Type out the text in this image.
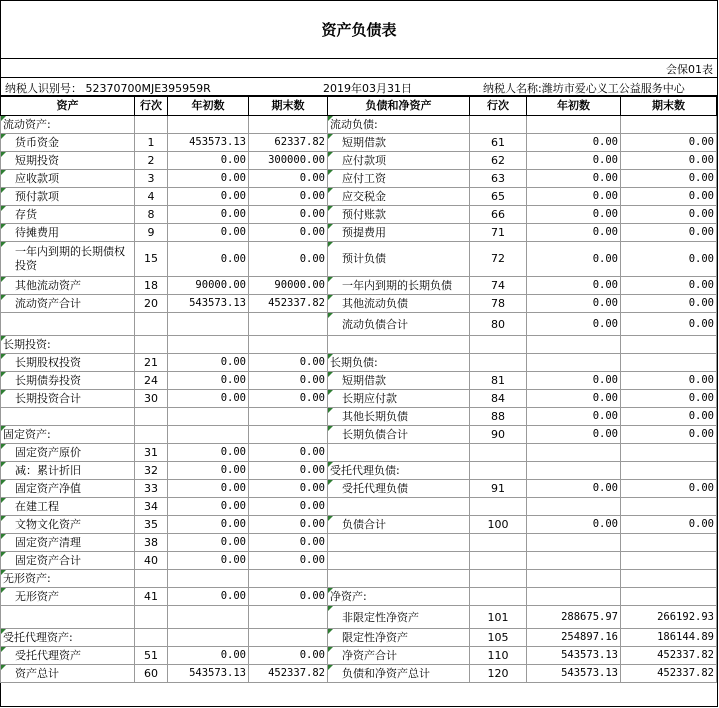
资产负债表
会保01表
纳税人识别号： 52370700MJE395959R	2019年03月31日	纳税人名称:潍坊市爱心义工公益服务中心
资产	行次	年初数	期末数	负债和净资产	行次	年初数	期末数
流动资产:				流动负债:			
货币资金	1	453573.13	62337.82	短期借款	61	0.00	0.00
短期投资	2	0.00	300000.00	应付款项	62	0.00	0.00
应收款项	3	0.00	0.00	应付工资	63	0.00	0.00
预付款项	4	0.00	0.00	应交税金	65	0.00	0.00
存货	8	0.00	0.00	预付账款	66	0.00	0.00
待摊费用	9	0.00	0.00	预提费用	71	0.00	0.00
一年内到期的长期债权投资	15	0.00	0.00	预计负债	72	0.00	0.00
其他流动资产	18	90000.00	90000.00	一年内到期的长期负债	74	0.00	0.00
流动资产合计	20	543573.13	452337.82	其他流动负债	78	0.00	0.00
				流动负债合计	80	0.00	0.00
长期投资:							
长期股权投资	21	0.00	0.00	长期负债:			
长期债券投资	24	0.00	0.00	短期借款	81	0.00	0.00
长期投资合计	30	0.00	0.00	长期应付款	84	0.00	0.00
				其他长期负债	88	0.00	0.00
固定资产:				长期负债合计	90	0.00	0.00
固定资产原价	31	0.00	0.00				
减：累计折旧	32	0.00	0.00	受托代理负债:			
固定资产净值	33	0.00	0.00	受托代理负债	91	0.00	0.00
在建工程	34	0.00	0.00				
文物文化资产	35	0.00	0.00	负债合计	100	0.00	0.00
固定资产清理	38	0.00	0.00				
固定资产合计	40	0.00	0.00				
无形资产:							
无形资产	41	0.00	0.00	净资产:			
				非限定性净资产	101	288675.97	266192.93
受托代理资产:				限定性净资产	105	254897.16	186144.89
受托代理资产	51	0.00	0.00	净资产合计	110	543573.13	452337.82
资产总计	60	543573.13	452337.82	负债和净资产总计	120	543573.13	452337.82
